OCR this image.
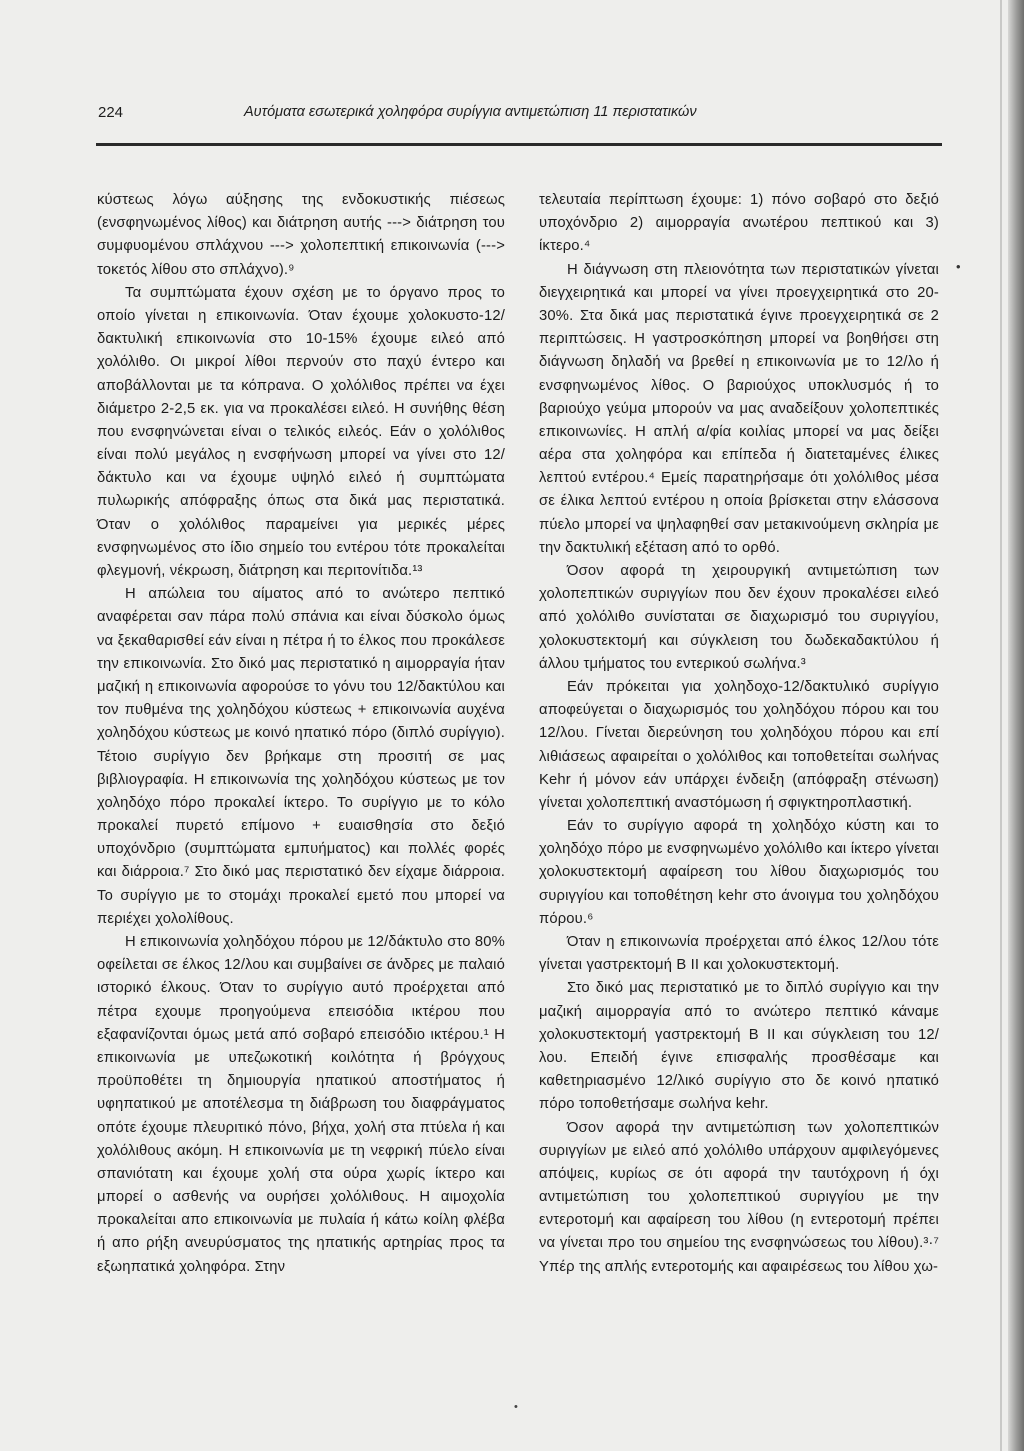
224	Αυτόματα εσωτερικά χοληφόρα συρίγγια αντιμετώπιση 11 περιστατικών

κύστεως λόγω αύξησης της ενδοκυστικής πιέσεως (ενσφηνωμένος λίθος) και διάτρηση αυτής ---> διάτρηση του συμφυομένου σπλάχνου ---> χολοπεπτική επικοινωνία (---> τοκετός λίθου στο σπλάχνο).⁹

Τα συμπτώματα έχουν σχέση με το όργανο προς το οποίο γίνεται η επικοινωνία. Όταν έχουμε χολοκυστο-12/δακτυλική επικοινωνία στο 10-15% έχουμε ειλεό από χολόλιθο. Οι μικροί λίθοι περνούν στο παχύ έντερο και αποβάλλονται με τα κόπρανα. Ο χολόλιθος πρέπει να έχει διάμετρο 2-2,5 εκ. για να προκαλέσει ειλεό. Η συνήθης θέση που ενσφηνώνεται είναι ο τελικός ειλεός. Εάν ο χολόλιθος είναι πολύ μεγάλος η ενσφήνωση μπορεί να γίνει στο 12/δάκτυλο και να έχουμε υψηλό ειλεό ή συμπτώματα πυλωρικής απόφραξης όπως στα δικά μας περιστατικά. Όταν ο χολόλιθος παραμείνει για μερικές μέρες ενσφηνωμένος στο ίδιο σημείο του εντέρου τότε προκαλείται φλεγμονή, νέκρωση, διάτρηση και περιτονίτιδα.¹³

Η απώλεια του αίματος από το ανώτερο πεπτικό αναφέρεται σαν πάρα πολύ σπάνια και είναι δύσκολο όμως να ξεκαθαρισθεί εάν είναι η πέτρα ή το έλκος που προκάλεσε την επικοινωνία. Στο δικό μας περιστατικό η αιμορραγία ήταν μαζική η επικοινωνία αφορούσε το γόνυ του 12/δακτύλου και τον πυθμένα της χοληδόχου κύστεως + επικοινωνία αυχένα χοληδόχου κύστεως με κοινό ηπατικό πόρο (διπλό συρίγγιο). Τέτοιο συρίγγιο δεν βρήκαμε στη προσιτή σε μας βιβλιογραφία. Η επικοινωνία της χοληδόχου κύστεως με τον χοληδόχο πόρο προκαλεί ίκτερο. Το συρίγγιο με το κόλο προκαλεί πυρετό επίμονο + ευαισθησία στο δεξιό υποχόνδριο (συμπτώματα εμπυήματος) και πολλές φορές και διάρροια.⁷ Στο δικό μας περιστατικό δεν είχαμε διάρροια. Το συρίγγιο με το στομάχι προκαλεί εμετό που μπορεί να περιέχει χολολίθους.

Η επικοινωνία χοληδόχου πόρου με 12/δάκτυλο στο 80% οφείλεται σε έλκος 12/λου και συμβαίνει σε άνδρες με παλαιό ιστορικό έλκους. Όταν το συρίγγιο αυτό προέρχεται από πέτρα εχουμε προηγούμενα επεισόδια ικτέρου που εξαφανίζονται όμως μετά από σοβαρό επεισόδιο ικτέρου.¹ Η επικοινωνία με υπεζωκοτική κοιλότητα ή βρόγχους προϋποθέτει τη δημιουργία ηπατικού αποστήματος ή υφηπατικού με αποτέλεσμα τη διάβρωση του διαφράγματος οπότε έχουμε πλευριτικό πόνο, βήχα, χολή στα πτύελα ή και χολόλιθους ακόμη. Η επικοινωνία με τη νεφρική πύελο είναι σπανιότατη και έχουμε χολή στα ούρα χωρίς ίκτερο και μπορεί ο ασθενής να ουρήσει χολόλιθους. Η αιμοχολία προκαλείται απο επικοινωνία με πυλαία ή κάτω κοίλη φλέβα ή απο ρήξη ανευρύσματος της ηπατικής αρτηρίας προς τα εξωηπατικά χοληφόρα. Στην

τελευταία περίπτωση έχουμε: 1) πόνο σοβαρό στο δεξιό υποχόνδριο 2) αιμορραγία ανωτέρου πεπτικού και 3) ίκτερο.⁴

Η διάγνωση στη πλειονότητα των περιστατικών γίνεται διεγχειρητικά και μπορεί να γίνει προεγχειρητικά στο 20-30%. Στα δικά μας περιστατικά έγινε προεγχειρητικά σε 2 περιπτώσεις. Η γαστροσκόπηση μπορεί να βοηθήσει στη διάγνωση δηλαδή να βρεθεί η επικοινωνία με το 12/λο ή ενσφηνωμένος λίθος. Ο βαριούχος υποκλυσμός ή το βαριούχο γεύμα μπορούν να μας αναδείξουν χολοπεπτικές επικοινωνίες. Η απλή α/φία κοιλίας μπορεί να μας δείξει αέρα στα χοληφόρα και επίπεδα ή διατεταμένες έλικες λεπτού εντέρου.⁴ Εμείς παρατηρήσαμε ότι χολόλιθος μέσα σε έλικα λεπτού εντέρου η οποία βρίσκεται στην ελάσσονα πύελο μπορεί να ψηλαφηθεί σαν μετακινούμενη σκληρία με την δακτυλική εξέταση από το ορθό.

Όσον αφορά τη χειρουργική αντιμετώπιση των χολοπεπτικών συριγγίων που δεν έχουν προκαλέσει ειλεό από χολόλιθο συνίσταται σε διαχωρισμό του συριγγίου, χολοκυστεκτομή και σύγκλειση του δωδεκαδακτύλου ή άλλου τμήματος του εντερικού σωλήνα.³

Εάν πρόκειται για χοληδοχο-12/δακτυλικό συρίγγιο αποφεύγεται ο διαχωρισμός του χοληδόχου πόρου και του 12/λου. Γίνεται διερεύνηση του χοληδόχου πόρου και επί λιθιάσεως αφαιρείται ο χολόλιθος και τοποθετείται σωλήνας Kehr ή μόνον εάν υπάρχει ένδειξη (απόφραξη στένωση) γίνεται χολοπεπτική αναστόμωση ή σφιγκτηροπλαστική.

Εάν το συρίγγιο αφορά τη χοληδόχο κύστη και το χοληδόχο πόρο με ενσφηνωμένο χολόλιθο και ίκτερο γίνεται χολοκυστεκτομή αφαίρεση του λίθου διαχωρισμός του συριγγίου και τοποθέτηση kehr στο άνοιγμα του χοληδόχου πόρου.⁶

Όταν η επικοινωνία προέρχεται από έλκος 12/λου τότε γίνεται γαστρεκτομή Β ΙΙ και χολοκυστεκτομή.

Στο δικό μας περιστατικό με το διπλό συρίγγιο και την μαζική αιμορραγία από το ανώτερο πεπτικό κάναμε χολοκυστεκτομή γαστρεκτομή Β ΙΙ και σύγκλειση του 12/λου. Επειδή έγινε επισφαλής προσθέσαμε και καθετηριασμένο 12/λικό συρίγγιο στο δε κοινό ηπατικό πόρο τοποθετήσαμε σωλήνα kehr.

Όσον αφορά την αντιμετώπιση των χολοπεπτικών συριγγίων με ειλεό από χολόλιθο υπάρχουν αμφιλεγόμενες απόψεις, κυρίως σε ότι αφορά την ταυτόχρονη ή όχι αντιμετώπιση του χολοπεπτικού συριγγίου με την εντεροτομή και αφαίρεση του λίθου (η εντεροτομή πρέπει να γίνεται προ του σημείου της ενσφηνώσεως του λίθου).³·⁷ Υπέρ της απλής εντεροτομής και αφαιρέσεως του λίθου χω-

•
•
